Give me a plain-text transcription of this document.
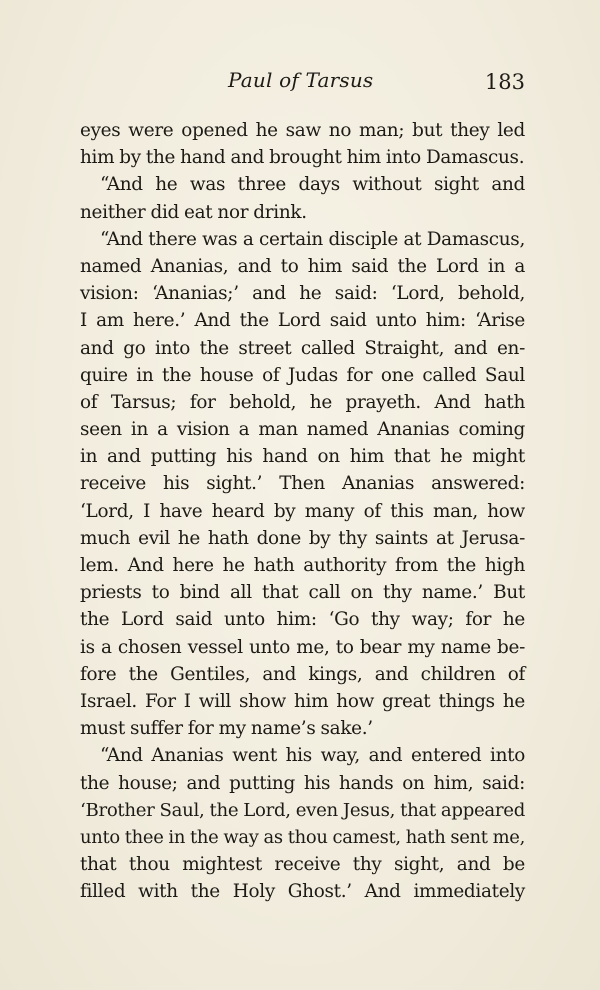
Paul of Tarsus	183
eyes were opened he saw no man; but they led
him by the hand and brought him into Damascus.
“And he was three days without sight and
neither did eat nor drink.
“And there was a certain disciple at Damascus,
named Ananias, and to him said the Lord in a
vision: ‘Ananias;’ and he said: ‘Lord, behold,
I am here.’ And the Lord said unto him: ‘Arise
and go into the street called Straight, and en-
quire in the house of Judas for one called Saul
of Tarsus; for behold, he prayeth. And hath
seen in a vision a man named Ananias coming
in and putting his hand on him that he might
receive his sight.’ Then Ananias answered:
‘Lord, I have heard by many of this man, how
much evil he hath done by thy saints at Jerusa-
lem. And here he hath authority from the high
priests to bind all that call on thy name.’ But
the Lord said unto him: ‘Go thy way; for he
is a chosen vessel unto me, to bear my name be-
fore the Gentiles, and kings, and children of
Israel. For I will show him how great things he
must suffer for my name’s sake.’
“And Ananias went his way, and entered into
the house; and putting his hands on him, said:
‘Brother Saul, the Lord, even Jesus, that appeared
unto thee in the way as thou camest, hath sent me,
that thou mightest receive thy sight, and be
filled with the Holy Ghost.’ And immediately
